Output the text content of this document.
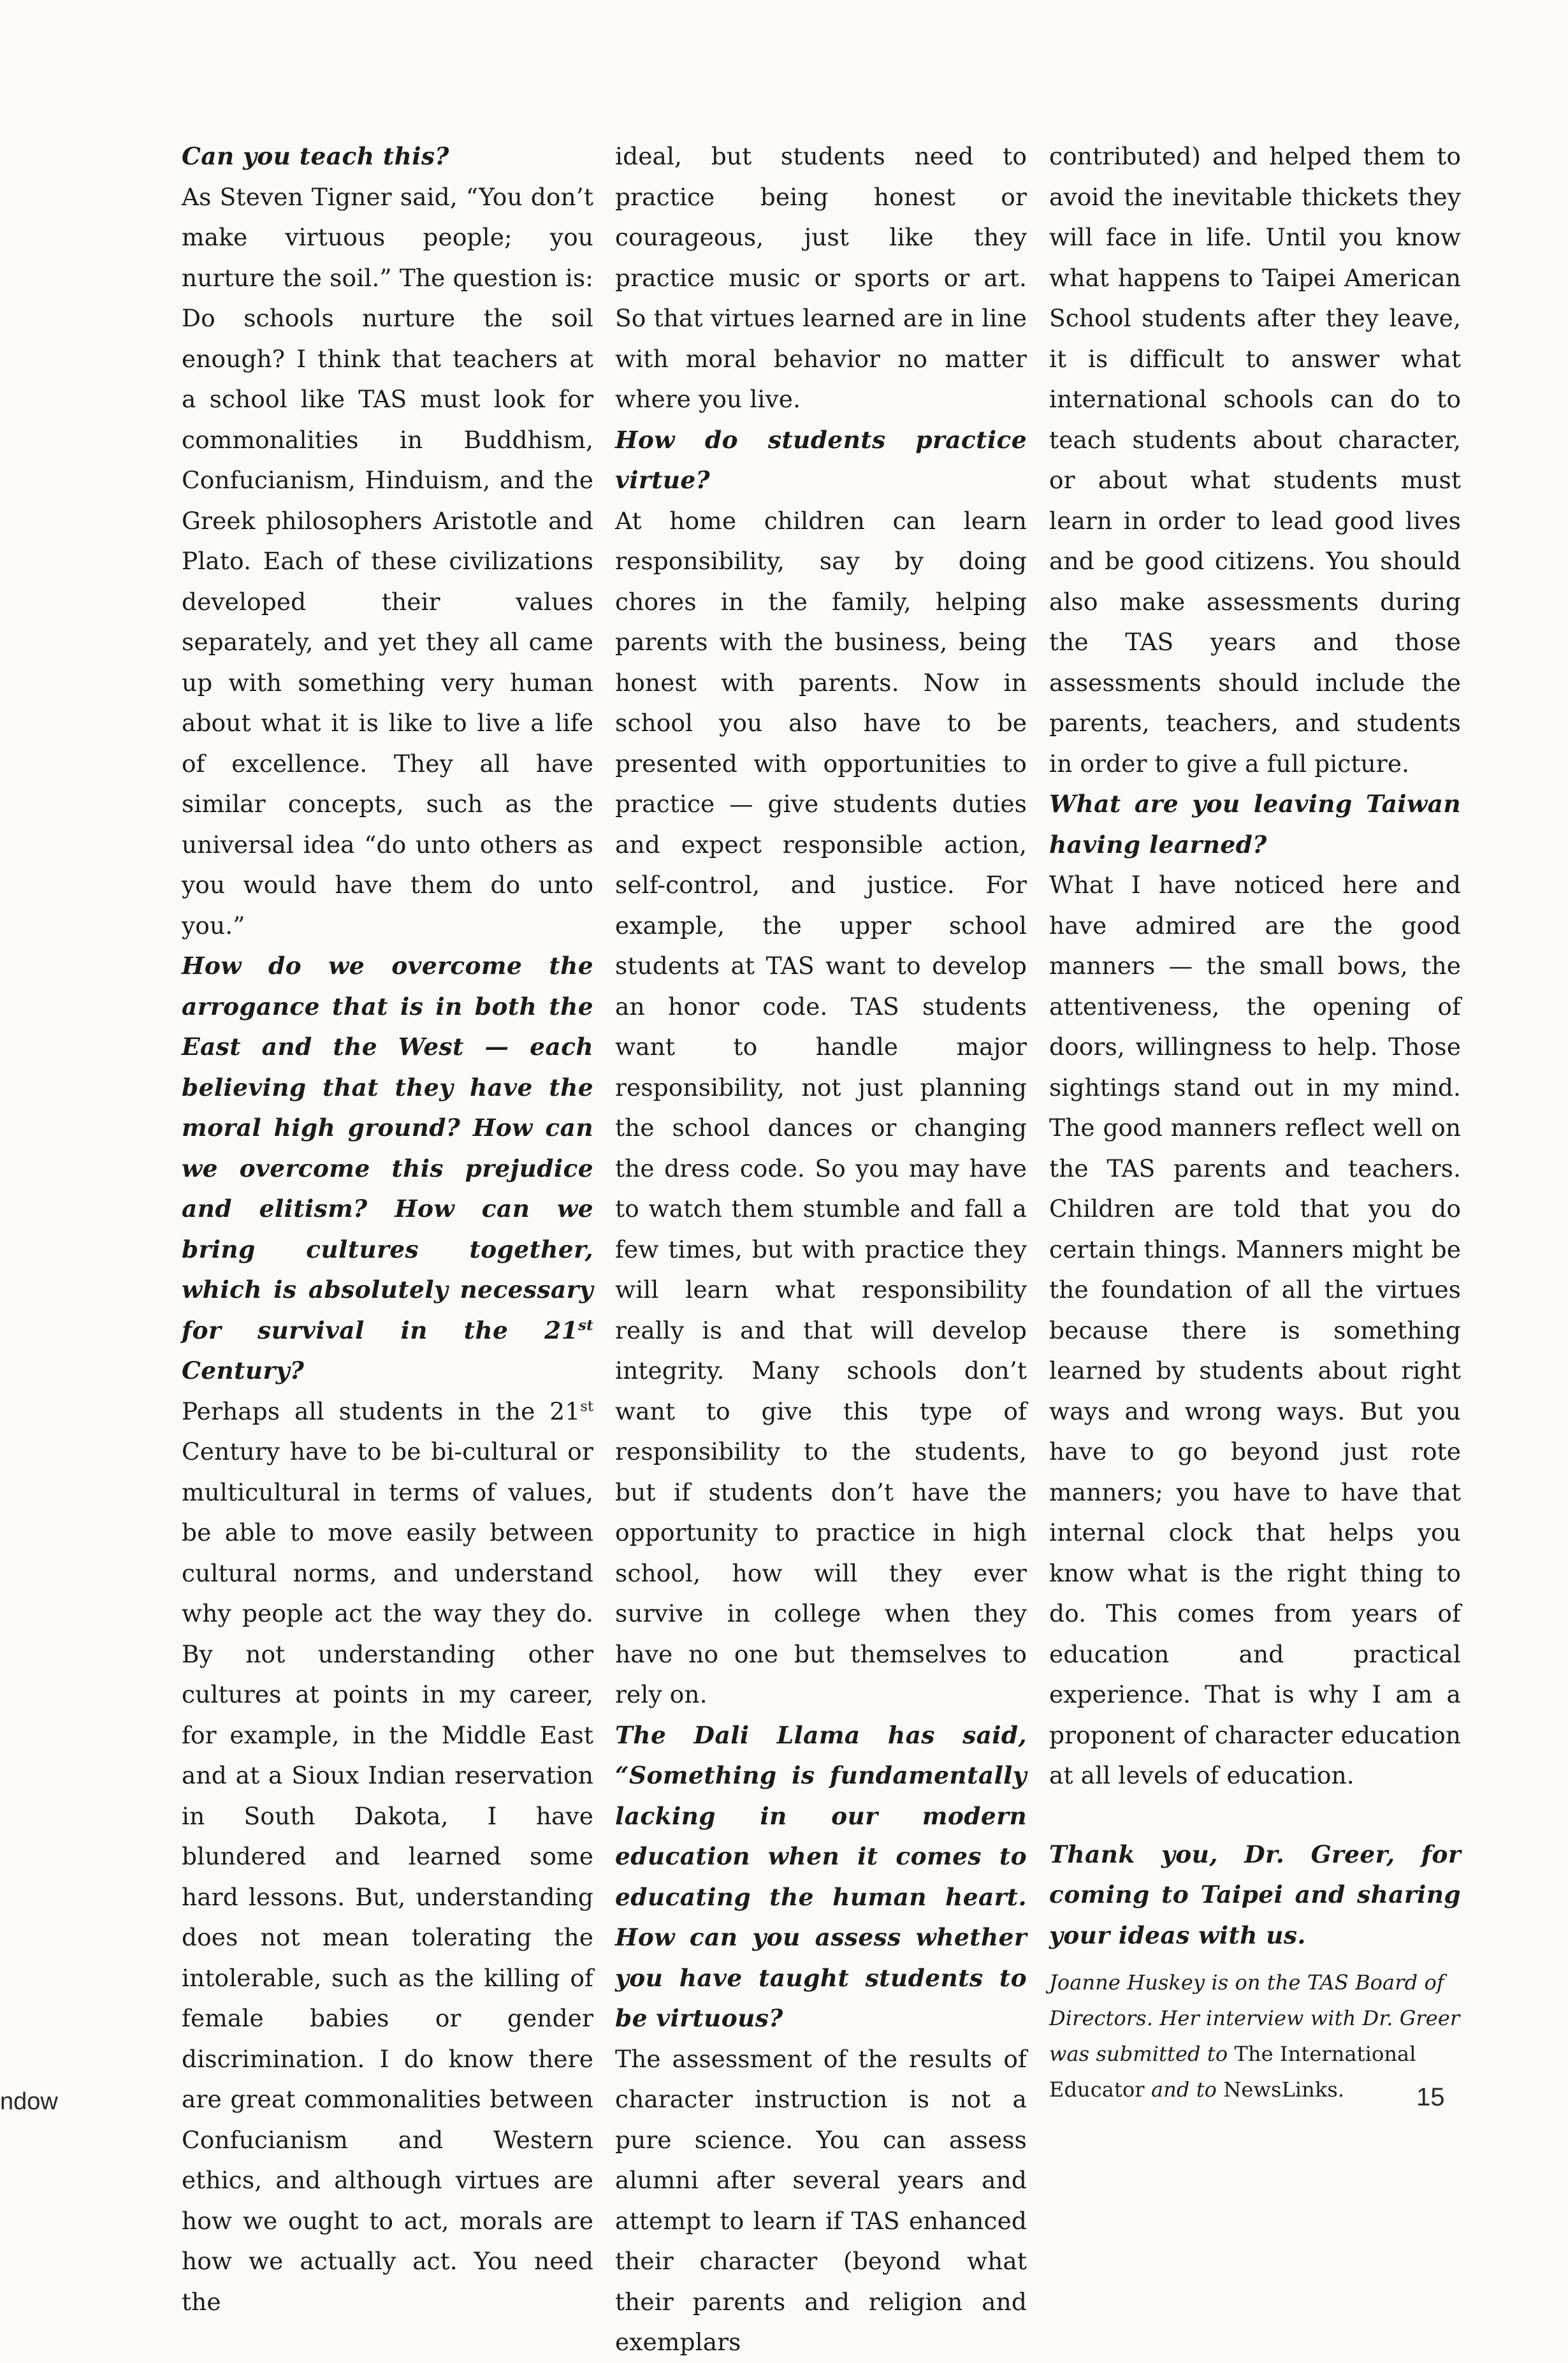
Can you teach this?

As Steven Tigner said, “You don’t make virtuous people; you nurture the soil.” The question is: Do schools nurture the soil enough? I think that teachers at a school like TAS must look for commonalities in Buddhism, Confucianism, Hinduism, and the Greek philosophers Aristotle and Plato. Each of these civilizations developed their values separately, and yet they all came up with something very human about what it is like to live a life of excellence. They all have similar concepts, such as the universal idea “do unto others as you would have them do unto you.”

How do we overcome the arrogance that is in both the East and the West — each believing that they have the moral high ground? How can we overcome this prejudice and elitism? How can we bring cultures together, which is absolutely necessary for survival in the 21st Century?

Perhaps all students in the 21st Century have to be bi-cultural or multicultural in terms of values, be able to move easily between cultural norms, and understand why people act the way they do. By not understanding other cultures at points in my career, for example, in the Middle East and at a Sioux Indian reservation in South Dakota, I have blundered and learned some hard lessons. But, understanding does not mean tolerating the intolerable, such as the killing of female babies or gender discrimination. I do know there are great commonalities between Confucianism and Western ethics, and although virtues are how we ought to act, morals are how we actually act. You need the

ideal, but students need to practice being honest or courageous, just like they practice music or sports or art. So that virtues learned are in line with moral behavior no matter where you live.

How do students practice virtue?

At home children can learn responsibility, say by doing chores in the family, helping parents with the business, being honest with parents. Now in school you also have to be presented with opportunities to practice — give students duties and expect responsible action, self-control, and justice. For example, the upper school students at TAS want to develop an honor code. TAS students want to handle major responsibility, not just planning the school dances or changing the dress code. So you may have to watch them stumble and fall a few times, but with practice they will learn what responsibility really is and that will develop integrity. Many schools don’t want to give this type of responsibility to the students, but if students don’t have the opportunity to practice in high school, how will they ever survive in college when they have no one but themselves to rely on.

The Dali Llama has said, “Something is fundamentally lacking in our modern education when it comes to educating the human heart. How can you assess whether you have taught students to be virtuous?

The assessment of the results of character instruction is not a pure science. You can assess alumni after several years and attempt to learn if TAS enhanced their character (beyond what their parents and religion and exemplars

contributed) and helped them to avoid the inevitable thickets they will face in life. Until you know what happens to Taipei American School students after they leave, it is difficult to answer what international schools can do to teach students about character, or about what students must learn in order to lead good lives and be good citizens. You should also make assessments during the TAS years and those assessments should include the parents, teachers, and students in order to give a full picture.

What are you leaving Taiwan having learned?

What I have noticed here and have admired are the good manners — the small bows, the attentiveness, the opening of doors, willingness to help. Those sightings stand out in my mind. The good manners reflect well on the TAS parents and teachers. Children are told that you do certain things. Manners might be the foundation of all the virtues because there is something learned by students about right ways and wrong ways. But you have to go beyond just rote manners; you have to have that internal clock that helps you know what is the right thing to do. This comes from years of education and practical experience. That is why I am a proponent of character education at all levels of education.

Thank you, Dr. Greer, for coming to Taipei and sharing your ideas with us.

Joanne Huskey is on the TAS Board of Directors. Her interview with Dr. Greer was submitted to The International Educator and to NewsLinks.

ndow	15
